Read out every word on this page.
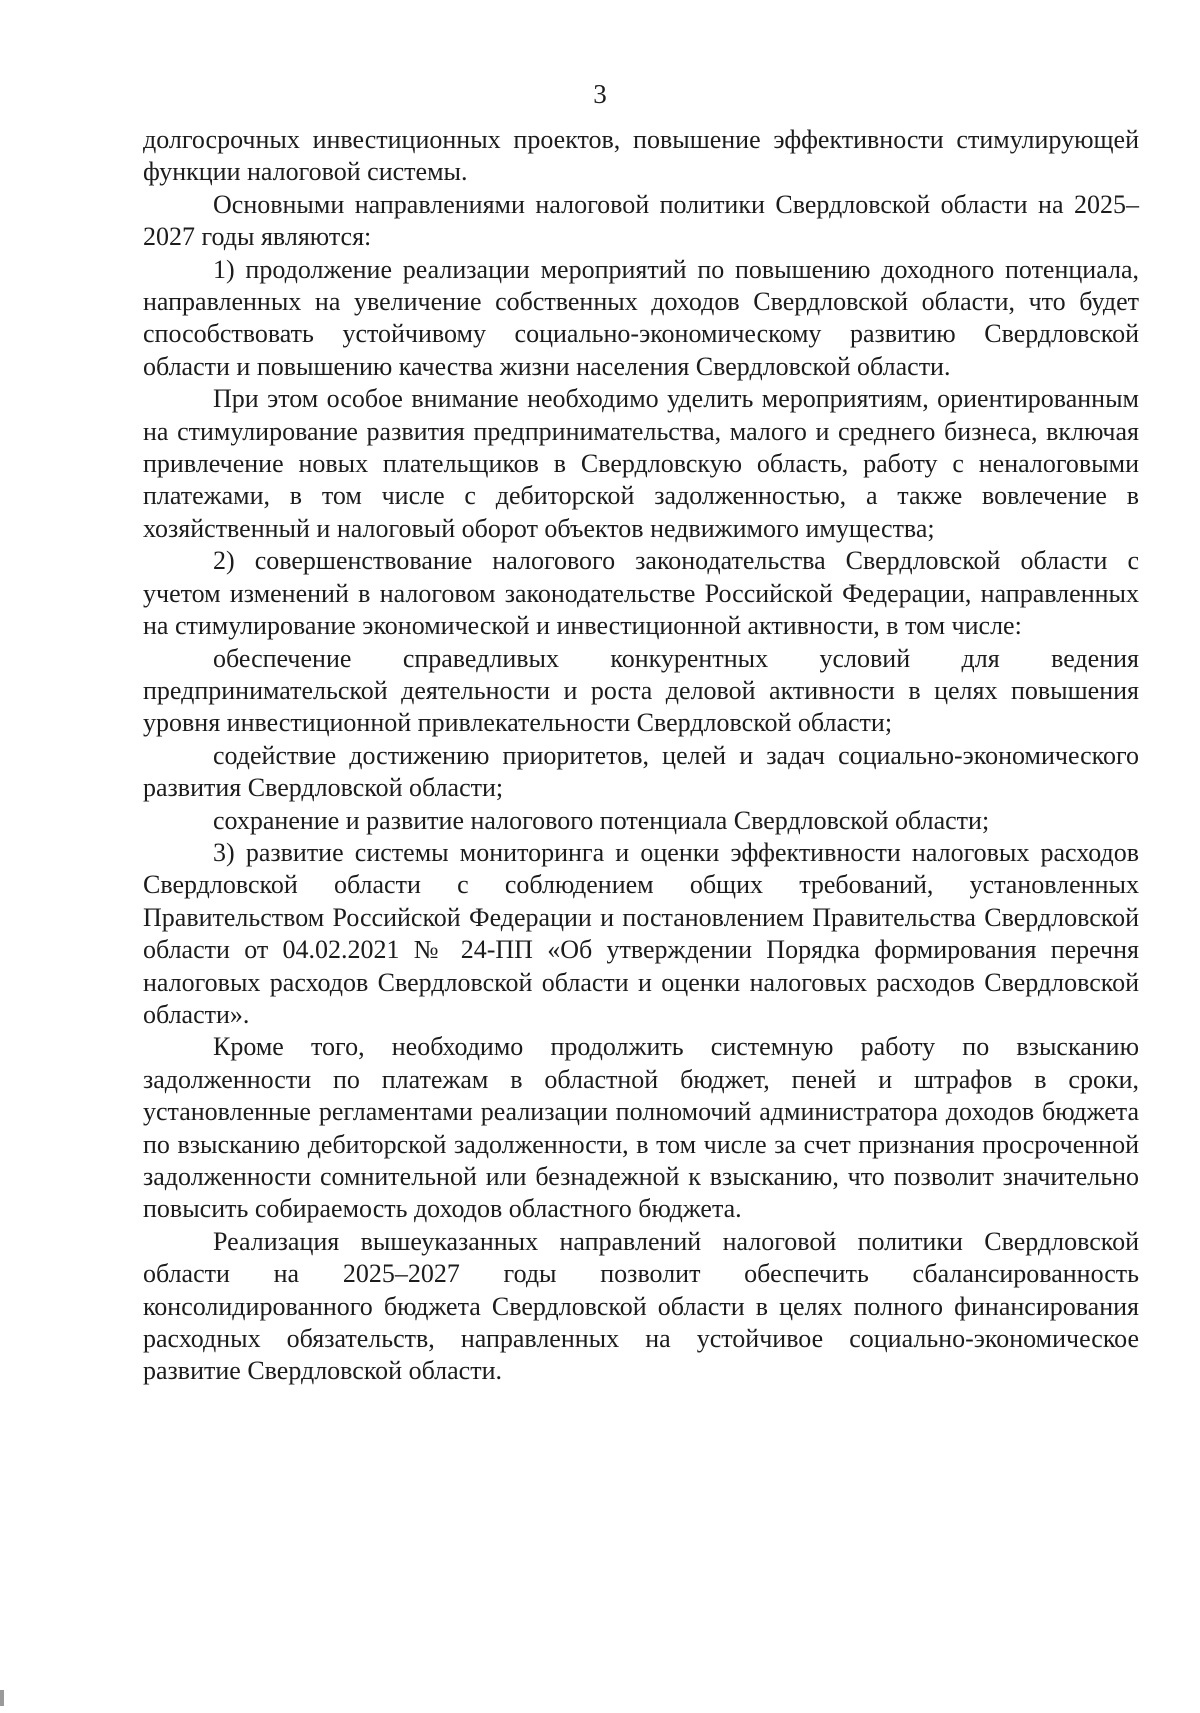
3

долгосрочных инвестиционных проектов, повышение эффективности стимулирующей функции налоговой системы.

Основными направлениями налоговой политики Свердловской области на 2025–2027 годы являются:

1) продолжение реализации мероприятий по повышению доходного потенциала, направленных на увеличение собственных доходов Свердловской области, что будет способствовать устойчивому социально-экономическому развитию Свердловской области и повышению качества жизни населения Свердловской области.

При этом особое внимание необходимо уделить мероприятиям, ориентированным на стимулирование развития предпринимательства, малого и среднего бизнеса, включая привлечение новых плательщиков в Свердловскую область, работу с неналоговыми платежами, в том числе с дебиторской задолженностью, а также вовлечение в хозяйственный и налоговый оборот объектов недвижимого имущества;

2) совершенствование налогового законодательства Свердловской области с учетом изменений в налоговом законодательстве Российской Федерации, направленных на стимулирование экономической и инвестиционной активности, в том числе:

обеспечение справедливых конкурентных условий для ведения предпринимательской деятельности и роста деловой активности в целях повышения уровня инвестиционной привлекательности Свердловской области;

содействие достижению приоритетов, целей и задач социально-экономического развития Свердловской области;

сохранение и развитие налогового потенциала Свердловской области;

3) развитие системы мониторинга и оценки эффективности налоговых расходов Свердловской области с соблюдением общих требований, установленных Правительством Российской Федерации и постановлением Правительства Свердловской области от 04.02.2021 № 24-ПП «Об утверждении Порядка формирования перечня налоговых расходов Свердловской области и оценки налоговых расходов Свердловской области».

Кроме того, необходимо продолжить системную работу по взысканию задолженности по платежам в областной бюджет, пеней и штрафов в сроки, установленные регламентами реализации полномочий администратора доходов бюджета по взысканию дебиторской задолженности, в том числе за счет признания просроченной задолженности сомнительной или безнадежной к взысканию, что позволит значительно повысить собираемость доходов областного бюджета.

Реализация вышеуказанных направлений налоговой политики Свердловской области на 2025–2027 годы позволит обеспечить сбалансированность консолидированного бюджета Свердловской области в целях полного финансирования расходных обязательств, направленных на устойчивое социально-экономическое развитие Свердловской области.
